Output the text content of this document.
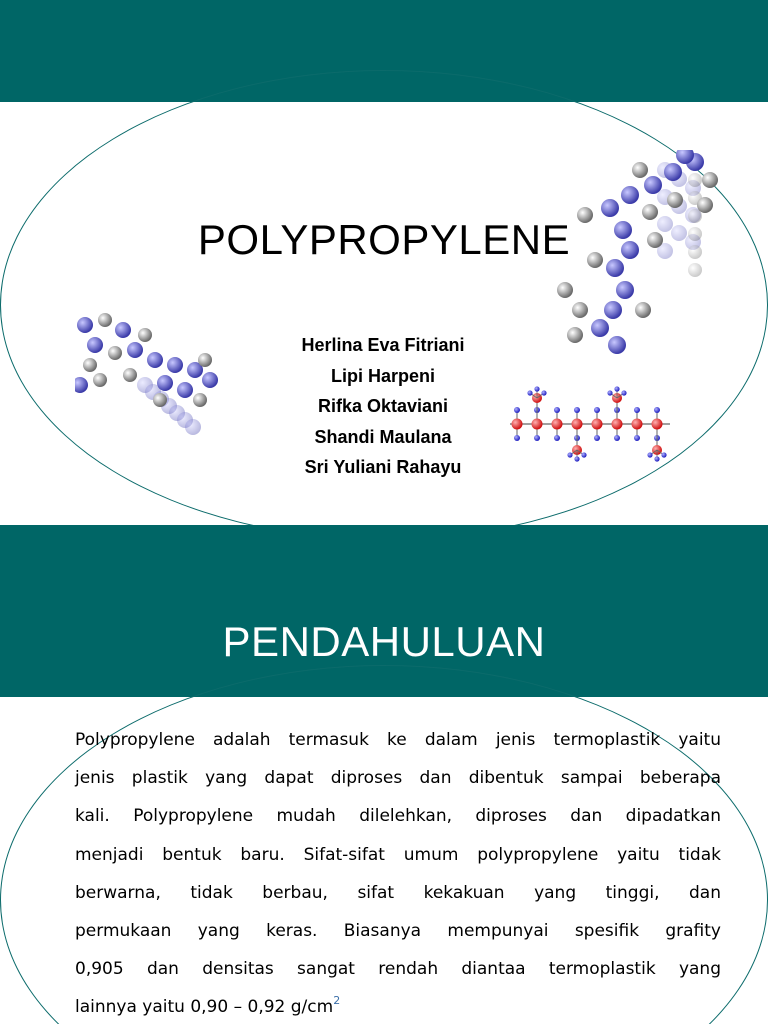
POLYPROPYLENE
Herlina Eva Fitriani
Lipi Harpeni
Rifka Oktaviani
Shandi Maulana
Sri Yuliani Rahayu
PENDAHULUAN
Polypropylene adalah termasuk ke dalam jenis termoplastik yaitu
jenis plastik yang dapat diproses dan dibentuk sampai beberapa
kali. Polypropylene mudah dilelehkan, diproses dan dipadatkan
menjadi bentuk baru. Sifat-sifat umum polypropylene yaitu tidak
berwarna, tidak berbau, sifat kekakuan yang tinggi, dan
permukaan yang keras. Biasanya mempunyai spesifik grafity
0,905 dan densitas sangat rendah diantaa termoplastik yang
lainnya yaitu 0,90 – 0,92 $g/cm^2$
